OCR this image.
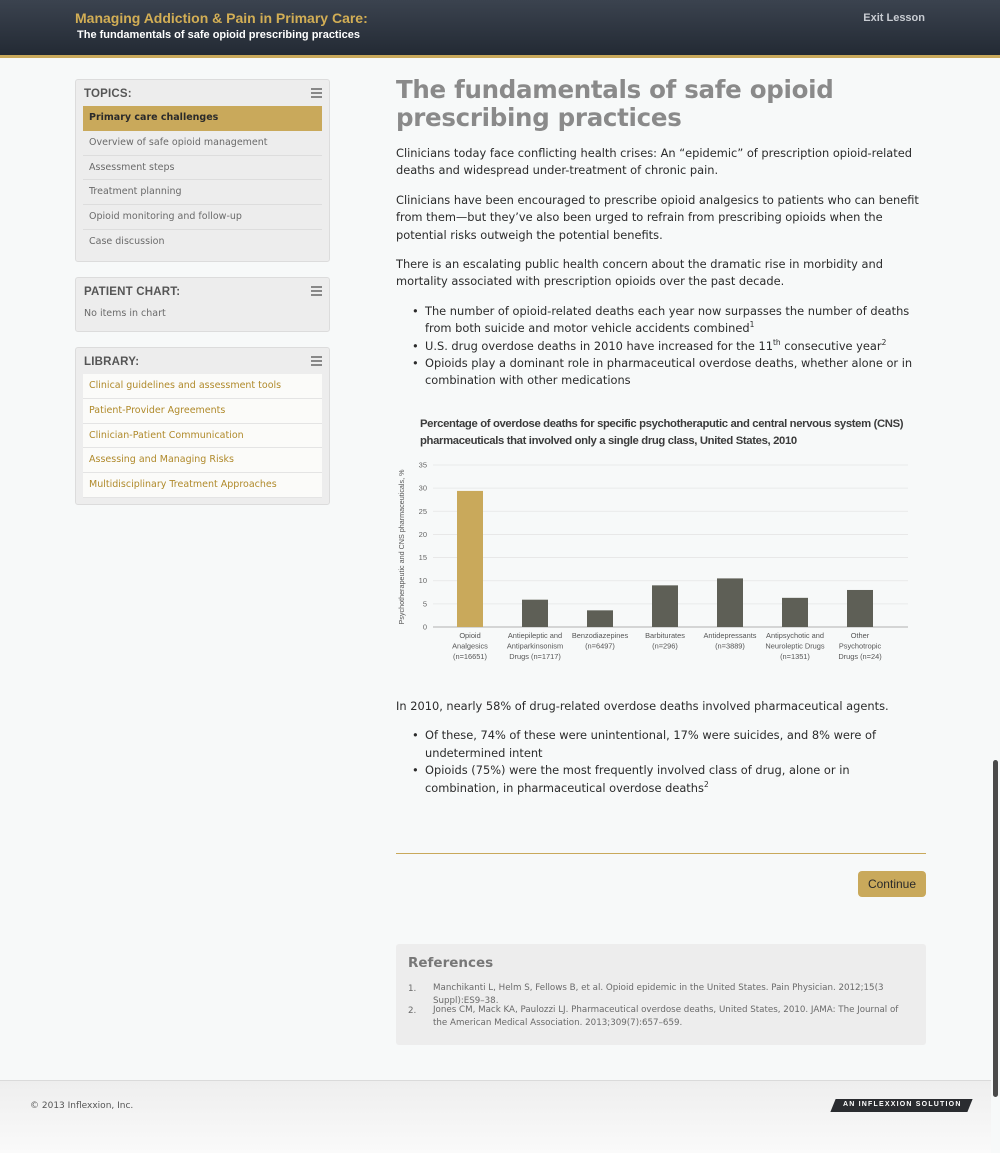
Managing Addiction & Pain in Primary Care:
The fundamentals of safe opioid prescribing practices
Exit Lesson
TOPICS:
Primary care challenges
Overview of safe opioid management
Assessment steps
Treatment planning
Opioid monitoring and follow-up
Case discussion
PATIENT CHART:
No items in chart
LIBRARY:
Clinical guidelines and assessment tools
Patient-Provider Agreements
Clinician-Patient Communication
Assessing and Managing Risks
Multidisciplinary Treatment Approaches
The fundamentals of safe opioid prescribing practices

Clinicians today face conflicting health crises: An “epidemic” of prescription opioid-related deaths and widespread under-treatment of chronic pain.

Clinicians have been encouraged to prescribe opioid analgesics to patients who can benefit from them—but they’ve also been urged to refrain from prescribing opioids when the potential risks outweigh the potential benefits.

There is an escalating public health concern about the dramatic rise in morbidity and mortality associated with prescription opioids over the past decade.

• The number of opioid-related deaths each year now surpasses the number of deaths from both suicide and motor vehicle accidents combined$^1$
• U.S. drug overdose deaths in 2010 have increased for the 11th consecutive year$^2$
• Opioids play a dominant role in pharmaceutical overdose deaths, whether alone or in combination with other medications
Percentage of overdose deaths for specific psychotheraputic and central nervous system (CNS) pharmaceuticals that involved only a single drug class, United States, 2010
Psychotherapeutic and CNS pharmaceuticals, %
0
5
10
15
20
25
30
35
Opioid
Analgesics
(n=16651)
Antiepileptic and
Antiparkinsonism
Drugs (n=1717)
Benzodiazepines
(n=6497)
Barbiturates
(n=296)
Antidepressants
(n=3889)
Antipsychotic and
Neuroleptic Drugs
(n=1351)
Other
Psychotropic
Drugs (n=24)

In 2010, nearly 58% of drug-related overdose deaths involved pharmaceutical agents.

• Of these, 74% of these were unintentional, 17% were suicides, and 8% were of undetermined intent
• Opioids (75%) were the most frequently involved class of drug, alone or in combination, in pharmaceutical overdose deaths$^2$
Continue
References
1. Manchikanti L, Helm S, Fellows B, et al. Opioid epidemic in the United States. Pain Physician. 2012;15(3 Suppl):ES9–38.
2. Jones CM, Mack KA, Paulozzi LJ. Pharmaceutical overdose deaths, United States, 2010. JAMA: The Journal of the American Medical Association. 2013;309(7):657–659.
© 2013 Inflexxion, Inc.	AN INFLEXXION SOLUTION
